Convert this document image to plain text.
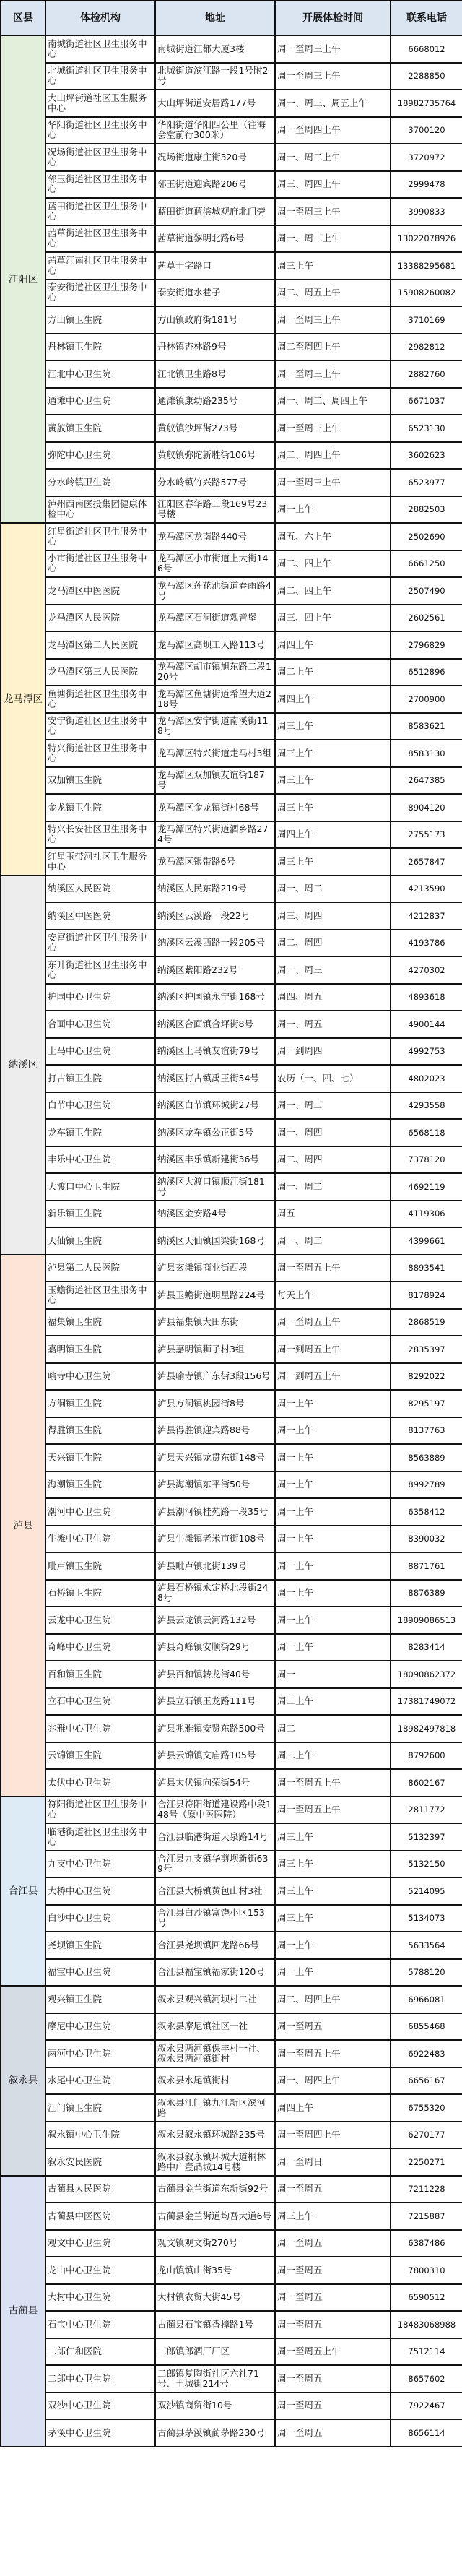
区县	体检机构	地址	开展体检时间	联系电话
江阳区	南城街道社区卫生服务中心	南城街道江都大厦3楼	周一至周三上午	6668012
	北城街道社区卫生服务中心	北城街道滨江路一段1号附2号	周一至周三上午	2288850
	大山坪街道社区卫生服务中心	大山坪街道安居路177号	周一、周三、周五上午	18982735764
	华阳街道社区卫生服务中心	华阳街道华阳四公里（往海会堂前行300米）	周一至周四上午	3700120
	况场街道社区卫生服务中心	况场街道康庄街320号	周一、周二上午	3720972
	邻玉街道社区卫生服务中心	邻玉街道迎宾路206号	周三、周四上午	2999478
	蓝田街道社区卫生服务中心	蓝田街道蓝滨城观府北门旁	周一至周三上午	3990833
	茜草街道社区卫生服务中心	茜草街道黎明北路6号	周一、周二上午	13022078926
	茜草江南社区卫生服务中心	茜草十字路口	周三上午	13388295681
	泰安街道社区卫生服务中心	泰安街道水巷子	周二、周五上午	15908260082
	方山镇卫生院	方山镇政府街181号	周一至周三上午	3710169
	丹林镇卫生院	丹林镇杏林路9号	周二至周四上午	2982812
	江北中心卫生院	江北镇卫生路8号	周一至周三上午	2882760
	通滩中心卫生院	通滩镇康幼路235号	周一、周二、周四上午	6671037
	黄舣镇卫生院	黄舣镇沙坪街273号	周一至周三上午	6523130
	弥陀中心卫生院	黄舣镇弥陀新胜街106号	周二、周四上午	3602623
	分水岭镇卫生院	分水岭镇竹兴路577号	周一至周三上午	6523977
	泸州西南医投集团健康体检中心	江阳区春华路二段169号23号楼	周一上午	2882503
龙马潭区	红星街道社区卫生服务中心	龙马潭区龙南路440号	周五、六上午	2502690
	小市街道社区卫生服务中心	龙马潭区小市街道上大街146号	周二、四上午	6661250
	龙马潭区中医医院	龙马潭区莲花池街道春雨路4号	周二、四上午	2507490
	龙马潭区人民医院	龙马潭区石洞街道观音堡	周三、四上午	2602561
	龙马潭区第二人民医院	龙马潭区高坝工人路113号	周四上午	2796829
	龙马潭区第三人民医院	龙马潭区胡市镇旭东路二段120号	周二上午	6512896
	鱼塘街道社区卫生服务中心	龙马潭区鱼塘街道希望大道218号	周四上午	2700900
	安宁街道社区卫生服务中心	龙马潭区安宁街道南溪街118号	周三上午	8583621
	特兴街道社区卫生服务中心	龙马潭区特兴街道走马村3组	周三上午	8583130
	双加镇卫生院	龙马潭区双加镇友谊街187号	周三上午	2647385
	金龙镇卫生院	龙马潭区金龙镇街村68号	周三上午	8904120
	特兴长安社区卫生服务中心	龙马潭区特兴街道酒乡路274号	周四上午	2755173
	红星玉带河社区卫生服务中心	龙马潭区银带路6号	周三上午	2657847
纳溪区	纳溪区人民医院	纳溪区人民东路219号	周一、周二	4213590
	纳溪区中医医院	纳溪区云溪路一段22号	周三、周四	4212837
	安富街道社区卫生服务中心	纳溪区云溪西路一段205号	周二、周四	4193786
	东升街道社区卫生服务中心	纳溪区紫阳路232号	周一、周三	4270302
	护国中心卫生院	纳溪区护国镇永宁街168号	周四、周五	4893618
	合面中心卫生院	纳溪区合面镇合坪街8号	周一、周五	4900144
	上马中心卫生院	纳溪区上马镇友谊街79号	周一到周四	4992753
	打古镇卫生院	纳溪区打古镇禹王街54号	农历（一、四、七）	4802023
	白节中心卫生院	纳溪区白节镇环城街27号	周一、周二	4293558
	龙车镇卫生院	纳溪区龙车镇公正街5号	周一、周四	6568118
	丰乐中心卫生院	纳溪区丰乐镇新建街36号	周二、周四	7378120
	大渡口中心卫生院	纳溪区大渡口镇顺江街181号	周一、周二	4692119
	新乐镇卫生院	纳溪区金安路4号	周五	4119306
	天仙镇卫生院	纳溪区天仙镇国梁街168号	周一、周二	4399661
泸县	泸县第二人民医院	泸县玄滩镇商业街西段	周一至周五上午	8893541
	玉蟾街道社区卫生服务中心	泸县玉蟾街道明星路224号	每天上午	8178924
	福集镇卫生院	泸县福集镇大田东街	周一至周五上午	2868519
	嘉明镇卫生院	泸县嘉明镇狮子村3组	周一到周五上午	2835397
	喻寺中心卫生院	泸县喻寺镇广东街3段156号	周一到周五上午	8292022
	方洞镇卫生院	泸县方洞镇桃园街8号	周一上午	8295197
	得胜镇卫生院	泸县得胜镇迎宾路88号	周一上午	8137763
	天兴镇卫生院	泸县天兴镇龙贯东街148号	周一上午	8563889
	海潮镇卫生院	泸县海潮镇东平街50号	周一上午	8992789
	潮河中心卫生院	泸县潮河镇桂苑路一段35号	周一上午	6358412
	牛滩中心卫生院	泸县牛滩镇老米市街108号	周一上午	8390032
	毗卢镇卫生院	泸县毗卢镇北街139号	周一上午	8871761
	石桥镇卫生院	泸县石桥镇永定桥北段街248号	周一上午	8876389
	云龙中心卫生院	泸县云龙镇云河路132号	周一上午	18909086513
	奇峰中心卫生院	泸县奇峰镇安顺街29号	周一上午	8283414
	百和镇卫生院	泸县百和镇转龙街40号	周一	18090862372
	立石中心卫生院	泸县立石镇玉龙路111号	周二上午	17381749072
	兆雅中心卫生院	泸县兆雅镇安贤东路500号	周二	18982497818
	云锦镇卫生院	泸县云锦镇文庙路105号	周二上午	8792600
	太伏中心卫生院	泸县太伏镇向荣街54号	周一至周五上午	8602167
合江县	符阳街道社区卫生服务中心	合江县符阳街道建设路中段148号（原中医医院）	周一至周五上午	2811772
	临港街道社区卫生服务中心	合江县临港街道天泉路14号	周三上午	5132397
	九支中心卫生院	合江县九支镇华剪坝新街639号	周三上午	5132150
	大桥中心卫生院	合江县大桥镇黄包山村3社	周三上午	5214095
	白沙中心卫生院	合江县白沙镇富饶小区153号	周三上午	5134073
	尧坝镇卫生院	合江县尧坝镇回龙路66号	周一上午	5633564
	福宝中心卫生院	合江县福宝镇福家街120号	周一上午	5788120
叙永县	观兴镇卫生院	叙永县观兴镇河坝村二社	周二、周四上午	6966081
	摩尼中心卫生院	叙永县摩尼镇社区一社	周一至周五	6855468
	两河中心卫生院	叙永县两河镇保丰村一社、叙永县两河镇街村	周一至周五上午	6922483
	水尾中心卫生院	叙永县水尾镇街村	周一、周四上午	6656167
	江门镇卫生院	叙永县江门镇九江新区滨河路	周四上午	6755320
	叙永镇中心卫生院	叙永县叙永镇环城路235号	周一至周四上午	6270177
	叙永安民医院	叙永县叙永镇环城大道桐林路中广壹品城14号楼	周一至周日	2250271
古蔺县	古蔺县人民医院	古蔺县金兰街道东新街92号	周一至周五	7211228
	古蔺县中医医院	古蔺县金兰街道均吾大道6号	周三上午	7215887
	观文中心卫生院	观文镇观文街270号	周一至周五	6387486
	龙山中心卫生院	龙山镇镇山街35号	周一至周五	7800310
	大村中心卫生院	大村镇农贸大街45号	周一至周五	6590512
	石宝中心卫生院	古蔺县石宝镇香樟路1号	周一至周五	18483068988
	二郎仁和医院	二郎镇郎酒厂厂区	周一至周五上午	7512114
	二郎中心卫生院	二郎镇复陶街社区六社71号、土城街214号	周一至周五	8657602
	双沙中心卫生院	双沙镇商贸街10号	周一至周五	7922467
	茅溪中心卫生院	古蔺县茅溪镇蔺茅路230号	周一至周五	8656114
